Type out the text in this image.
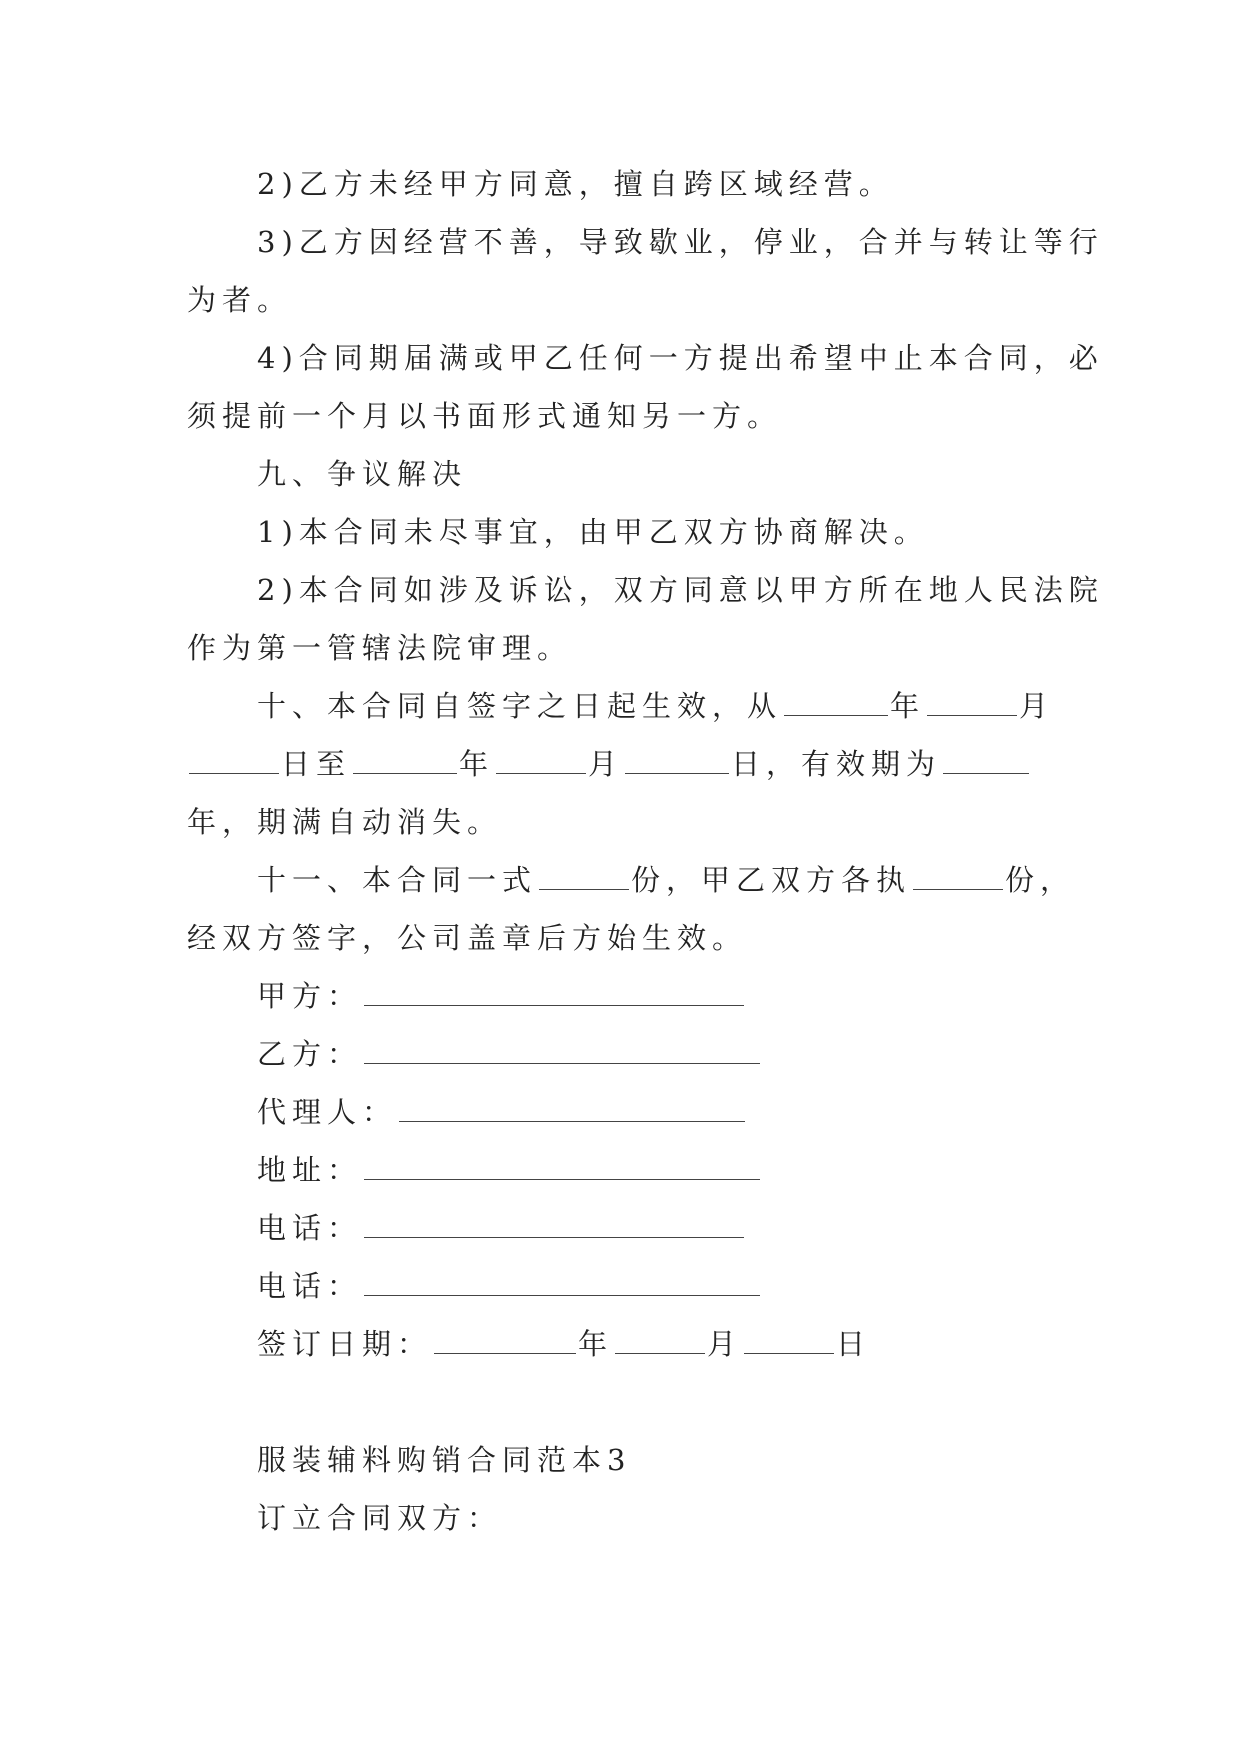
2)乙方未经甲方同意，擅自跨区域经营。
3)乙方因经营不善，导致歇业，停业，合并与转让等行
为者。
4)合同期届满或甲乙任何一方提出希望中止本合同，必
须提前一个月以书面形式通知另一方。
九、争议解决
1)本合同未尽事宜，由甲乙双方协商解决。
2)本合同如涉及诉讼，双方同意以甲方所在地人民法院
作为第一管辖法院审理。
十、本合同自签字之日起生效，从	年	月
日至	年	月	日，有效期为
年，期满自动消失。
十一、本合同一式	份，甲乙双方各执	份，
经双方签字，公司盖章后方始生效。
甲方：
乙方：
代理人：
地址：
电话：
电话：
签订日期：	年	月	日
服装辅料购销合同范本3
订立合同双方：
